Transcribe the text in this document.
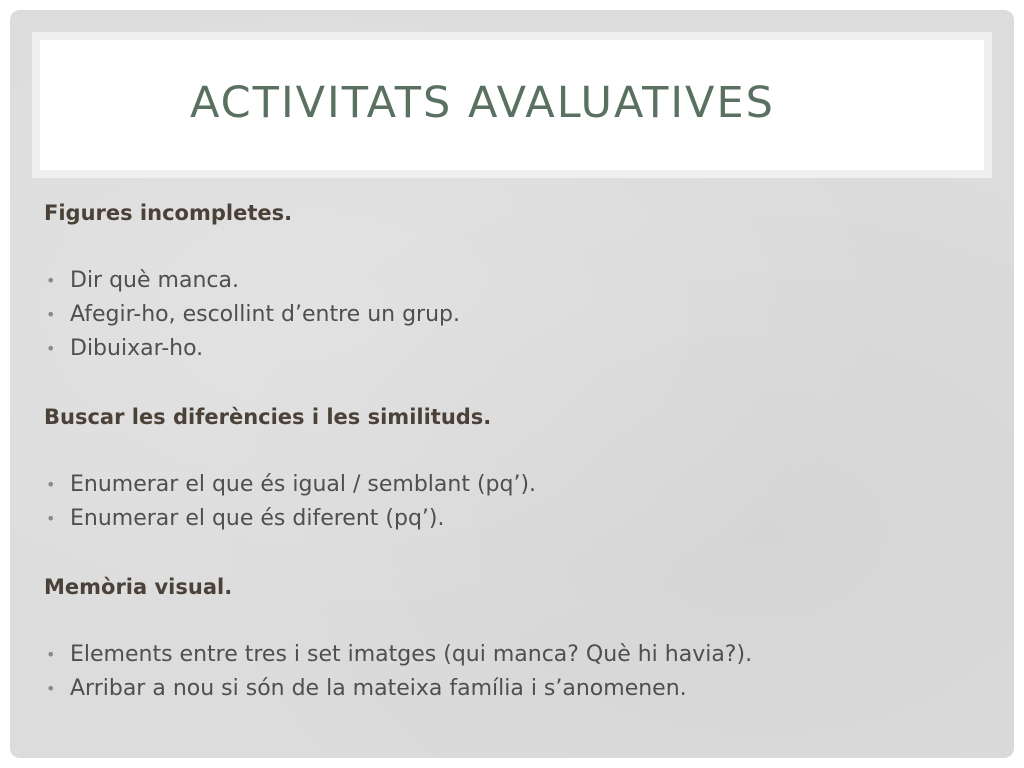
ACTIVITATS AVALUATIVES
Figures incompletes.
• Dir què manca.
• Afegir-ho, escollint d’entre un grup.
• Dibuixar-ho.
Buscar les diferències i les similituds.
• Enumerar el que és igual / semblant (pq’).
• Enumerar el que és diferent (pq’).
Memòria visual.
• Elements entre tres i set imatges (qui manca? Què hi havia?).
• Arribar a nou si són de la mateixa família i s’anomenen.
